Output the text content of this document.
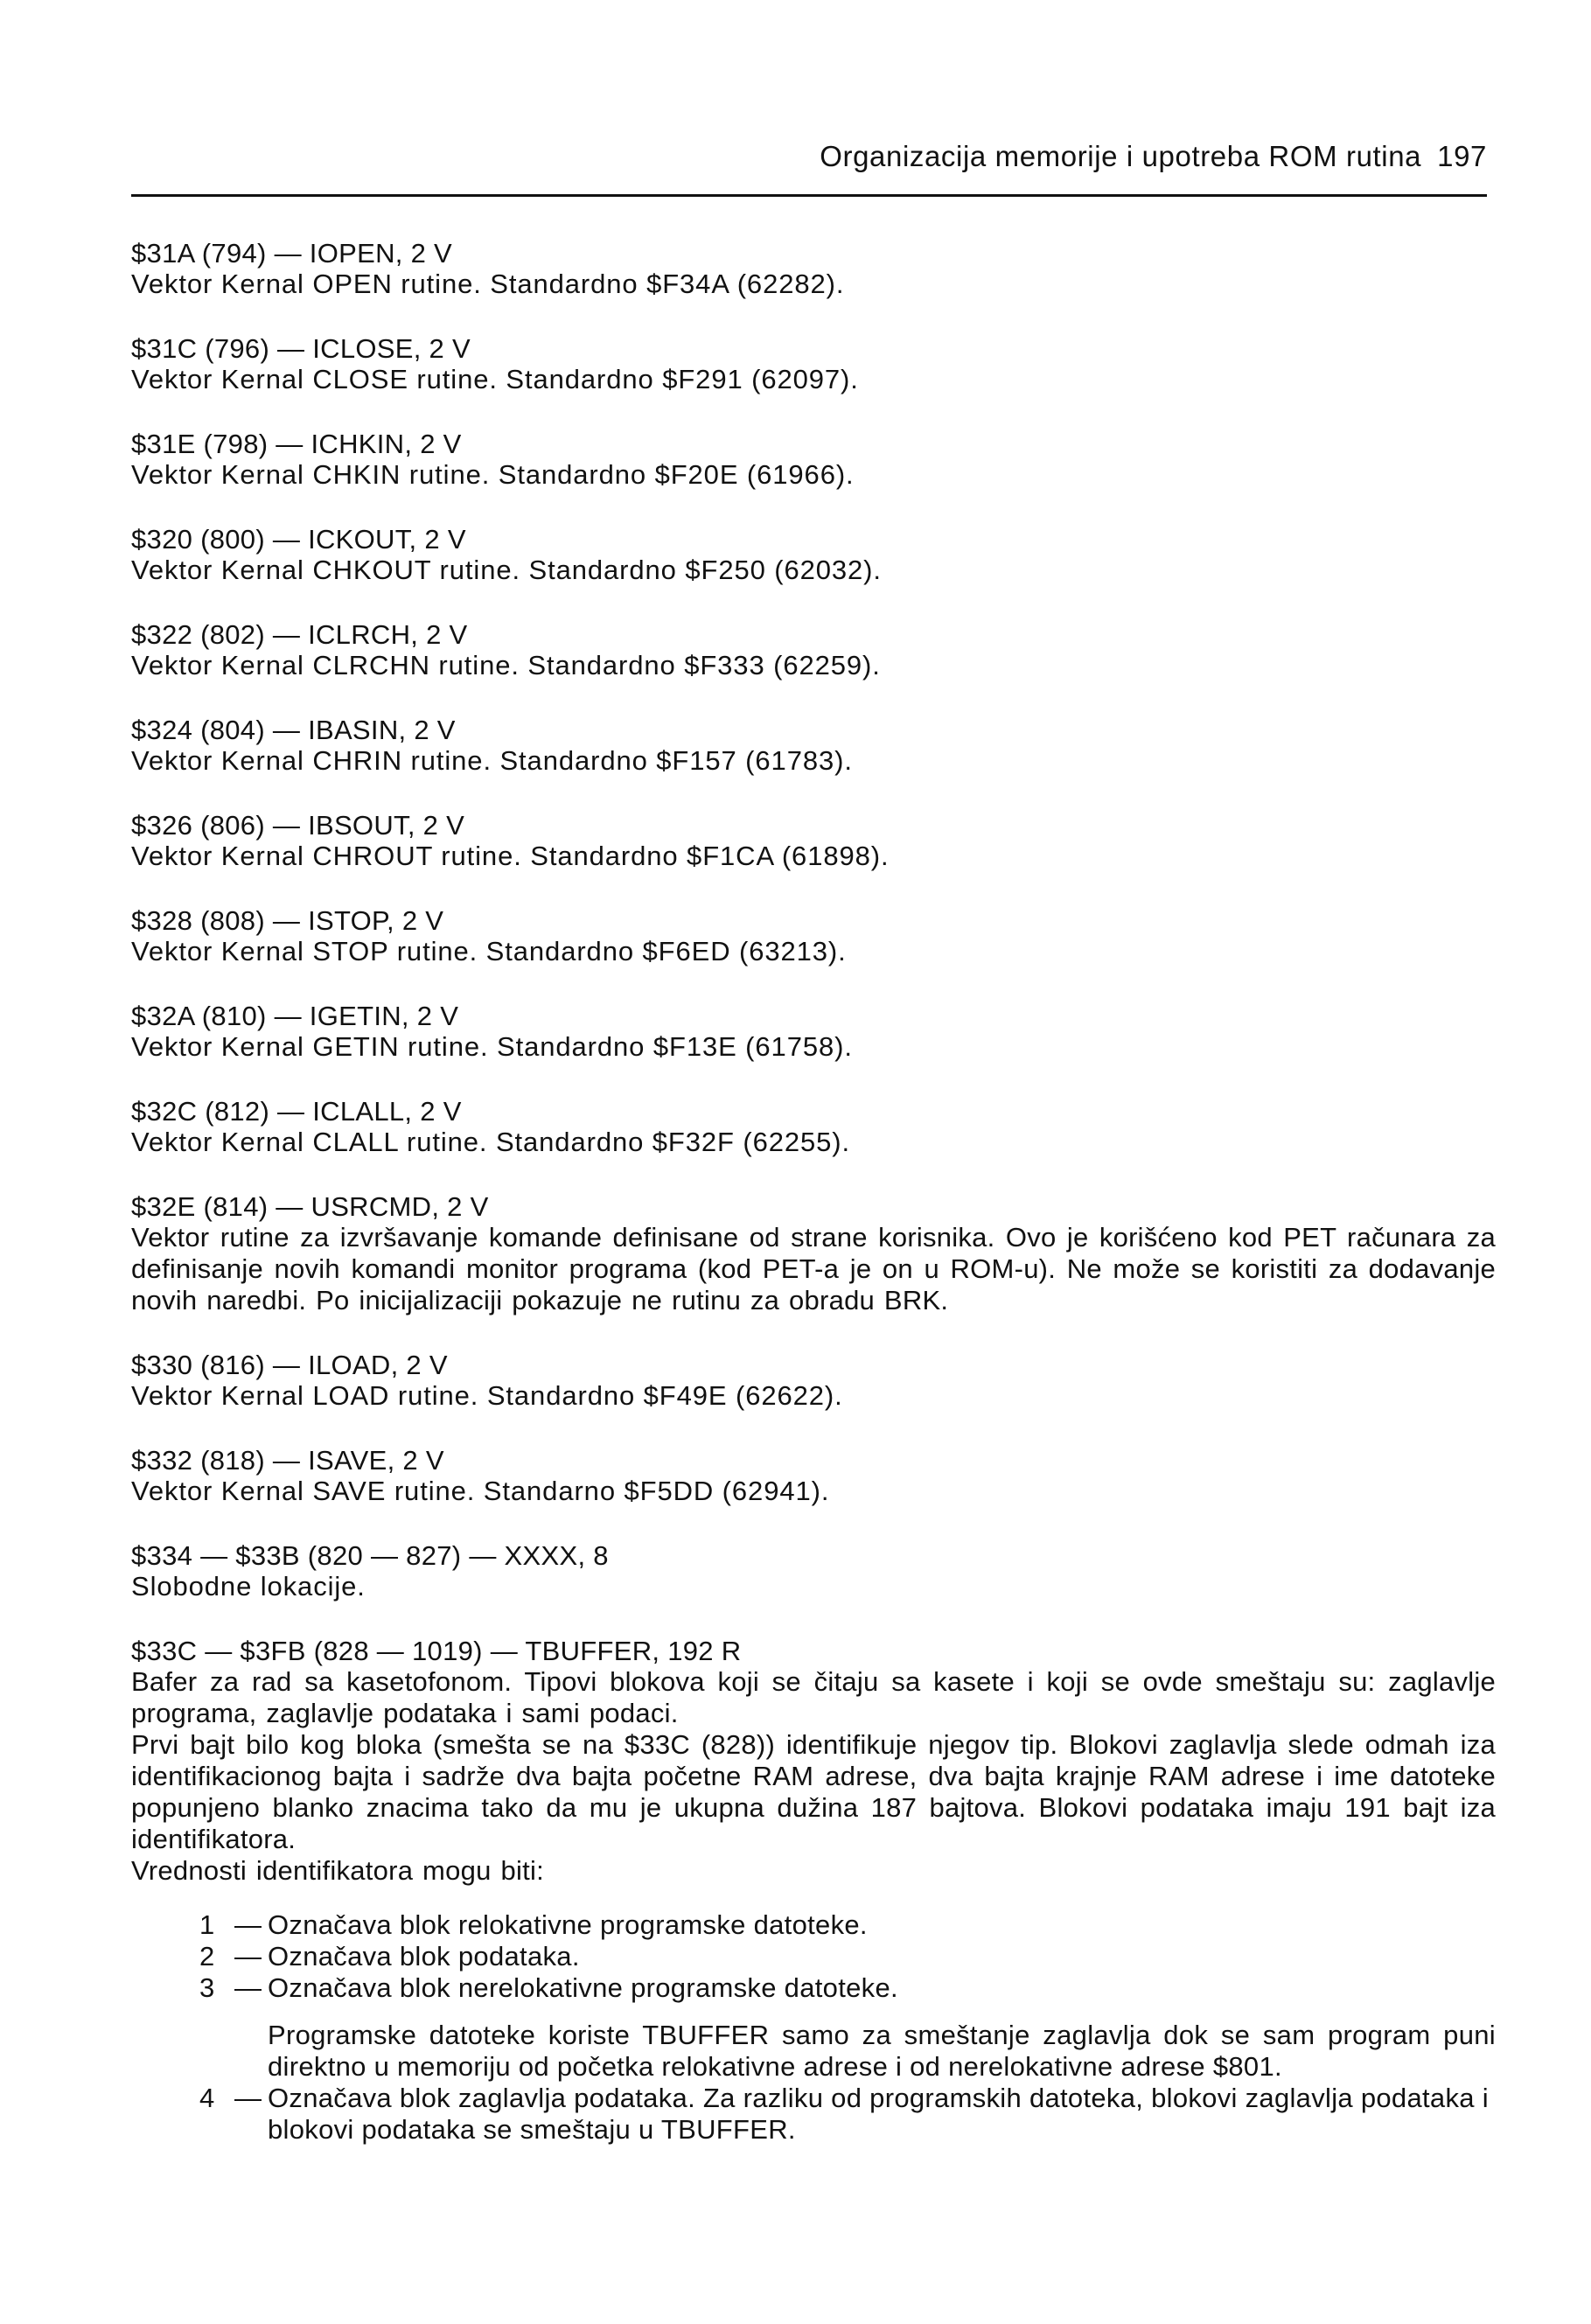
Organizacija memorije i upotreba ROM rutina 197
$31A (794) — IOPEN, 2 V
Vektor Kernal OPEN rutine. Standardno $F34A (62282).
$31C (796) — ICLOSE, 2 V
Vektor Kernal CLOSE rutine. Standardno $F291 (62097).
$31E (798) — ICHKIN, 2 V
Vektor Kernal CHKIN rutine. Standardno $F20E (61966).
$320 (800) — ICKOUT, 2 V
Vektor Kernal CHKOUT rutine. Standardno $F250 (62032).
$322 (802) — ICLRCH, 2 V
Vektor Kernal CLRCHN rutine. Standardno $F333 (62259).
$324 (804) — IBASIN, 2 V
Vektor Kernal CHRIN rutine. Standardno $F157 (61783).
$326 (806) — IBSOUT, 2 V
Vektor Kernal CHROUT rutine. Standardno $F1CA (61898).
$328 (808) — ISTOP, 2 V
Vektor Kernal STOP rutine. Standardno $F6ED (63213).
$32A (810) — IGETIN, 2 V
Vektor Kernal GETIN rutine. Standardno $F13E (61758).
$32C (812) — ICLALL, 2 V
Vektor Kernal CLALL rutine. Standardno $F32F (62255).
$32E (814) — USRCMD, 2 V
Vektor rutine za izvršavanje komande definisane od strane korisnika. Ovo je korišćeno kod PET računara za definisanje novih komandi monitor programa (kod PET-a je on u ROM-u). Ne može se koristiti za dodavanje novih naredbi. Po inicijalizaciji pokazuje ne rutinu za obradu BRK.
$330 (816) — ILOAD, 2 V
Vektor Kernal LOAD rutine. Standardno $F49E (62622).
$332 (818) — ISAVE, 2 V
Vektor Kernal SAVE rutine. Standarno $F5DD (62941).
$334 — $33B (820 — 827) — XXXX, 8
Slobodne lokacije.
$33C — $3FB (828 — 1019) — TBUFFER, 192 R
Bafer za rad sa kasetofonom. Tipovi blokova koji se čitaju sa kasete i koji se ovde smeštaju su: zaglavlje programa, zaglavlje podataka i sami podaci.
Prvi bajt bilo kog bloka (smešta se na $33C (828)) identifikuje njegov tip. Blokovi zaglavlja slede odmah iza identifikacionog bajta i sadrže dva bajta početne RAM adrese, dva bajta krajnje RAM adrese i ime datoteke popunjeno blanko znacima tako da mu je ukupna dužina 187 bajtova. Blokovi podataka imaju 191 bajt iza identifikatora.
Vrednosti identifikatora mogu biti:
1 — Označava blok relokativne programske datoteke.
2 — Označava blok podataka.
3 — Označava blok nerelokativne programske datoteke.
Programske datoteke koriste TBUFFER samo za smeštanje zaglavlja dok se sam program puni direktno u memoriju od početka relokativne adrese i od nerelokativne adrese $801.
4 — Označava blok zaglavlja podataka. Za razliku od programskih datoteka, blokovi zaglavlja podataka i blokovi podataka se smeštaju u TBUFFER.
